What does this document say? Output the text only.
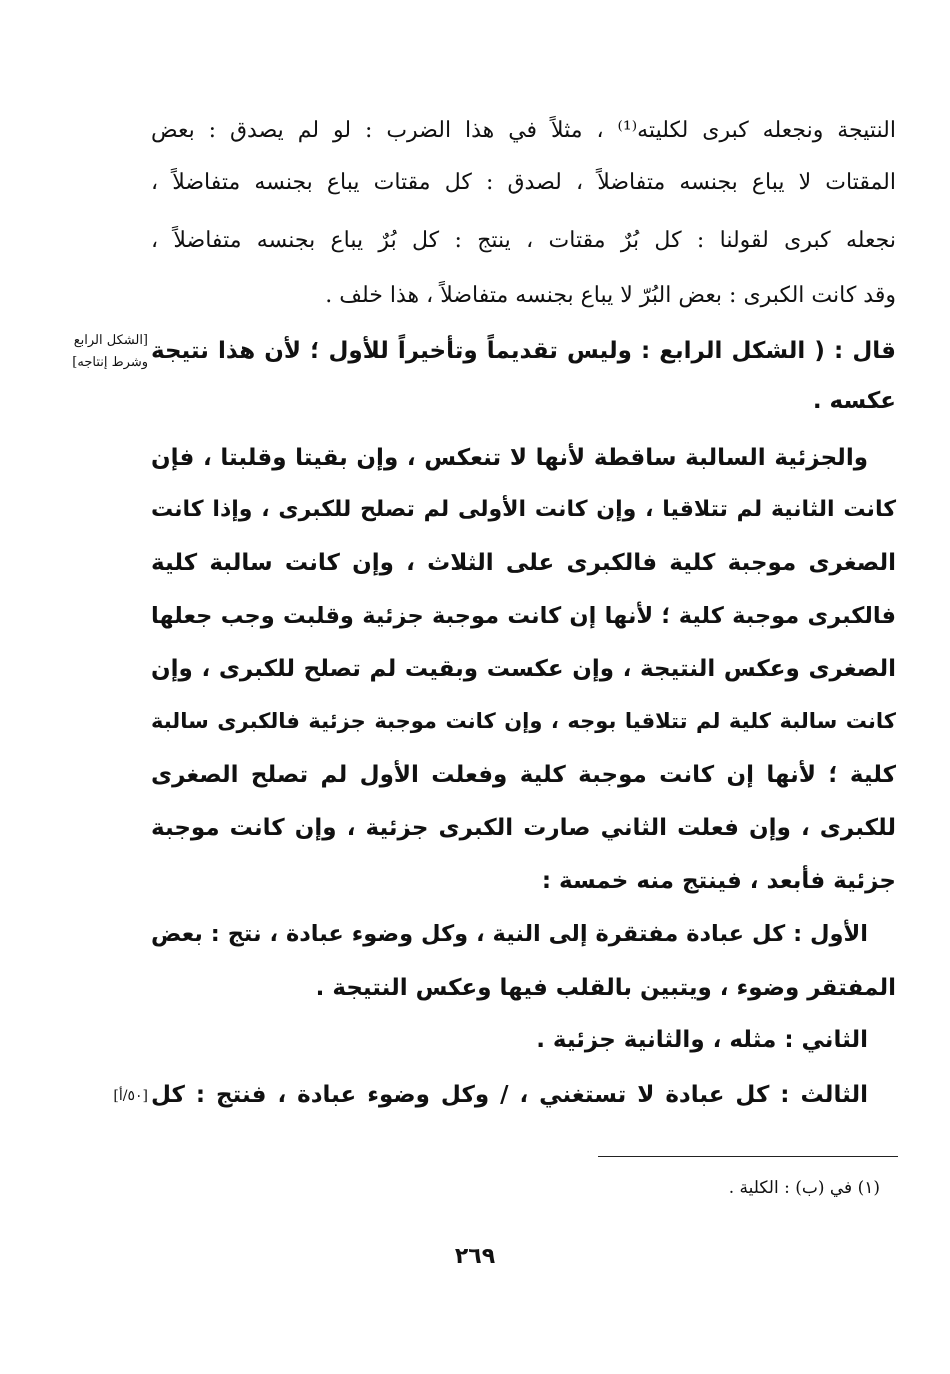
النتيجة ونجعله كبرى لكليته⁽¹⁾ ، مثلاً في هذا الضرب : لو لم يصدق : بعض
المقتات لا يباع بجنسه متفاضلاً ، لصدق : كل مقتات يباع بجنسه متفاضلاً ،
نجعله كبرى لقولنا : كل بُرٌ مقتات ، ينتج : كل بُرٌ يباع بجنسه متفاضلاً ،
وقد كانت الكبرى : بعض البُرّ لا يباع بجنسه متفاضلاً ، هذا خلف .
قال : ( الشكل الرابع : وليس تقديماً وتأخيراً للأول ؛ لأن هذا نتيجة
عكسه .
[الشكل الرابع
وشرط إنتاجه]
والجزئية السالبة ساقطة لأنها لا تنعكس ، وإن بقيتا وقلبتا ، فإن
كانت الثانية لم تتلاقيا ، وإن كانت الأولى لم تصلح للكبرى ، وإذا كانت
الصغرى موجبة كلية فالكبرى على الثلاث ، وإن كانت سالبة كلية
فالكبرى موجبة كلية ؛ لأنها إن كانت موجبة جزئية وقلبت وجب جعلها
الصغرى وعكس النتيجة ، وإن عكست وبقيت لم تصلح للكبرى ، وإن
كانت سالبة كلية لم تتلاقيا بوجه ، وإن كانت موجبة جزئية فالكبرى سالبة
كلية ؛ لأنها إن كانت موجبة كلية وفعلت الأول لم تصلح الصغرى
للكبرى ، وإن فعلت الثاني صارت الكبرى جزئية ، وإن كانت موجبة
جزئية فأبعد ، فينتج منه خمسة :
الأول : كل عبادة مفتقرة إلى النية ، وكل وضوء عبادة ، نتج : بعض
المفتقر وضوء ، ويتبين بالقلب فيها وعكس النتيجة .
الثاني : مثله ، والثانية جزئية .
الثالث : كل عبادة لا تستغني ، / وكل وضوء عبادة ، فنتج : كل
[٥٠/أ]
(١) في (ب) : الكلية .
٢٦٩
